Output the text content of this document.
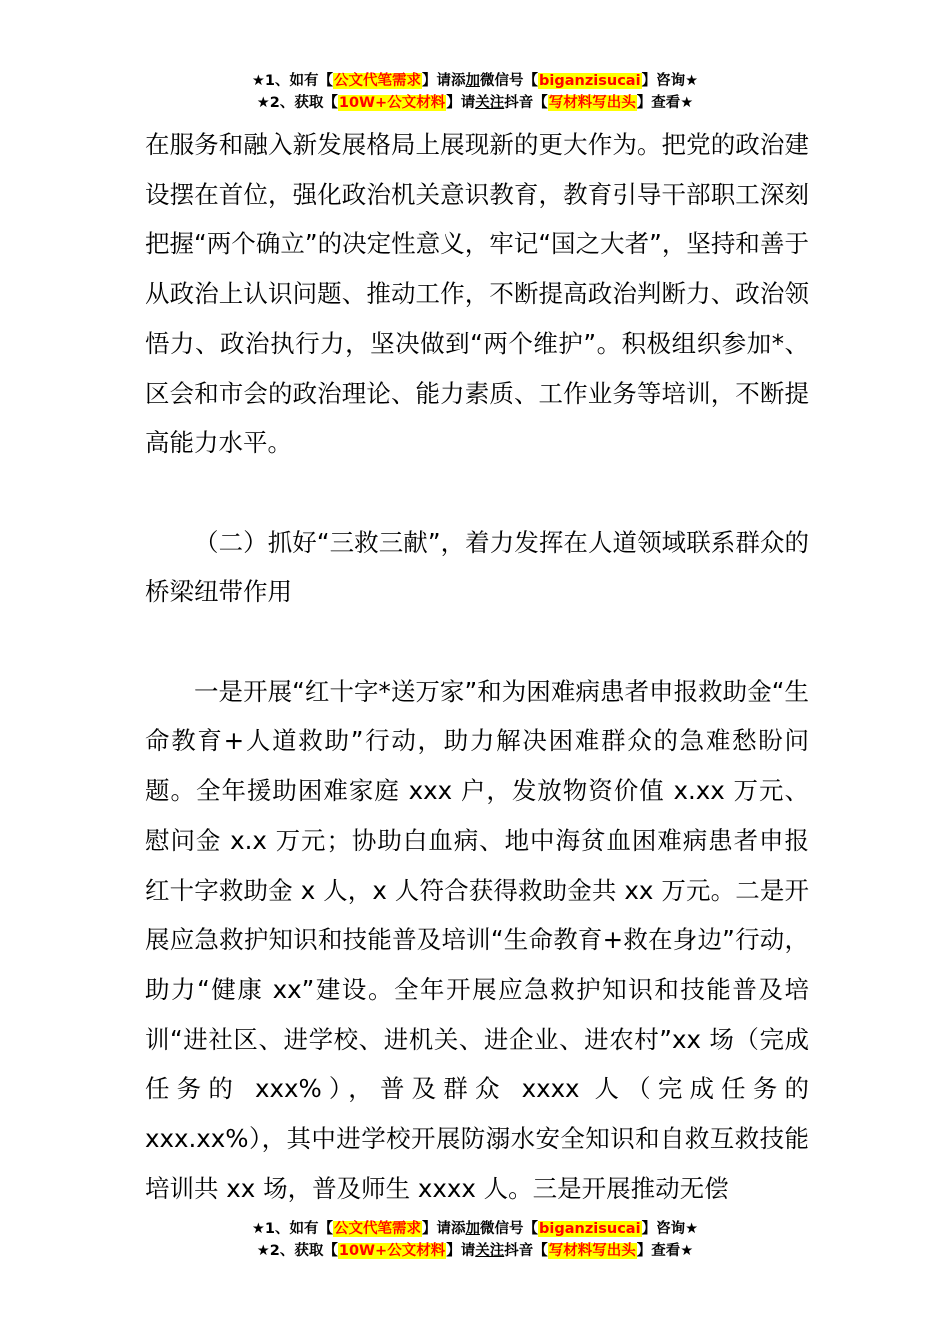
★1、如有【公文代笔需求】请添加微信号【biganzisucai】咨询★
★2、获取【10W+公文材料】请关注抖音【写材料写出头】查看★

在服务和融入新发展格局上展现新的更大作为。把党的政治建设摆在首位，强化政治机关意识教育，教育引导干部职工深刻把握“两个确立”的决定性意义，牢记“国之大者”，坚持和善于从政治上认识问题、推动工作，不断提高政治判断力、政治领悟力、政治执行力，坚决做到“两个维护”。积极组织参加*、区会和市会的政治理论、能力素质、工作业务等培训，不断提高能力水平。

（二）抓好“三救三献”，着力发挥在人道领域联系群众的桥梁纽带作用

一是开展“红十字*送万家”和为困难病患者申报救助金“生命教育+人道救助”行动，助力解决困难群众的急难愁盼问题。全年援助困难家庭 xxx 户，发放物资价值 x.xx 万元、慰问金 x.x 万元；协助白血病、地中海贫血困难病患者申报红十字救助金 x 人，x 人符合获得救助金共 xx 万元。二是开展应急救护知识和技能普及培训“生命教育+救在身边”行动，助力“健康 xx”建设。全年开展应急救护知识和技能普及培训“进社区、进学校、进机关、进企业、进农村”xx 场（完成任务的 xxx%），普及群众 xxxx 人（完成任务的 xxx.xx%），其中进学校开展防溺水安全知识和自救互救技能培训共 xx 场，普及师生 xxxx 人。三是开展推动无偿

★1、如有【公文代笔需求】请添加微信号【biganzisucai】咨询★
★2、获取【10W+公文材料】请关注抖音【写材料写出头】查看★
